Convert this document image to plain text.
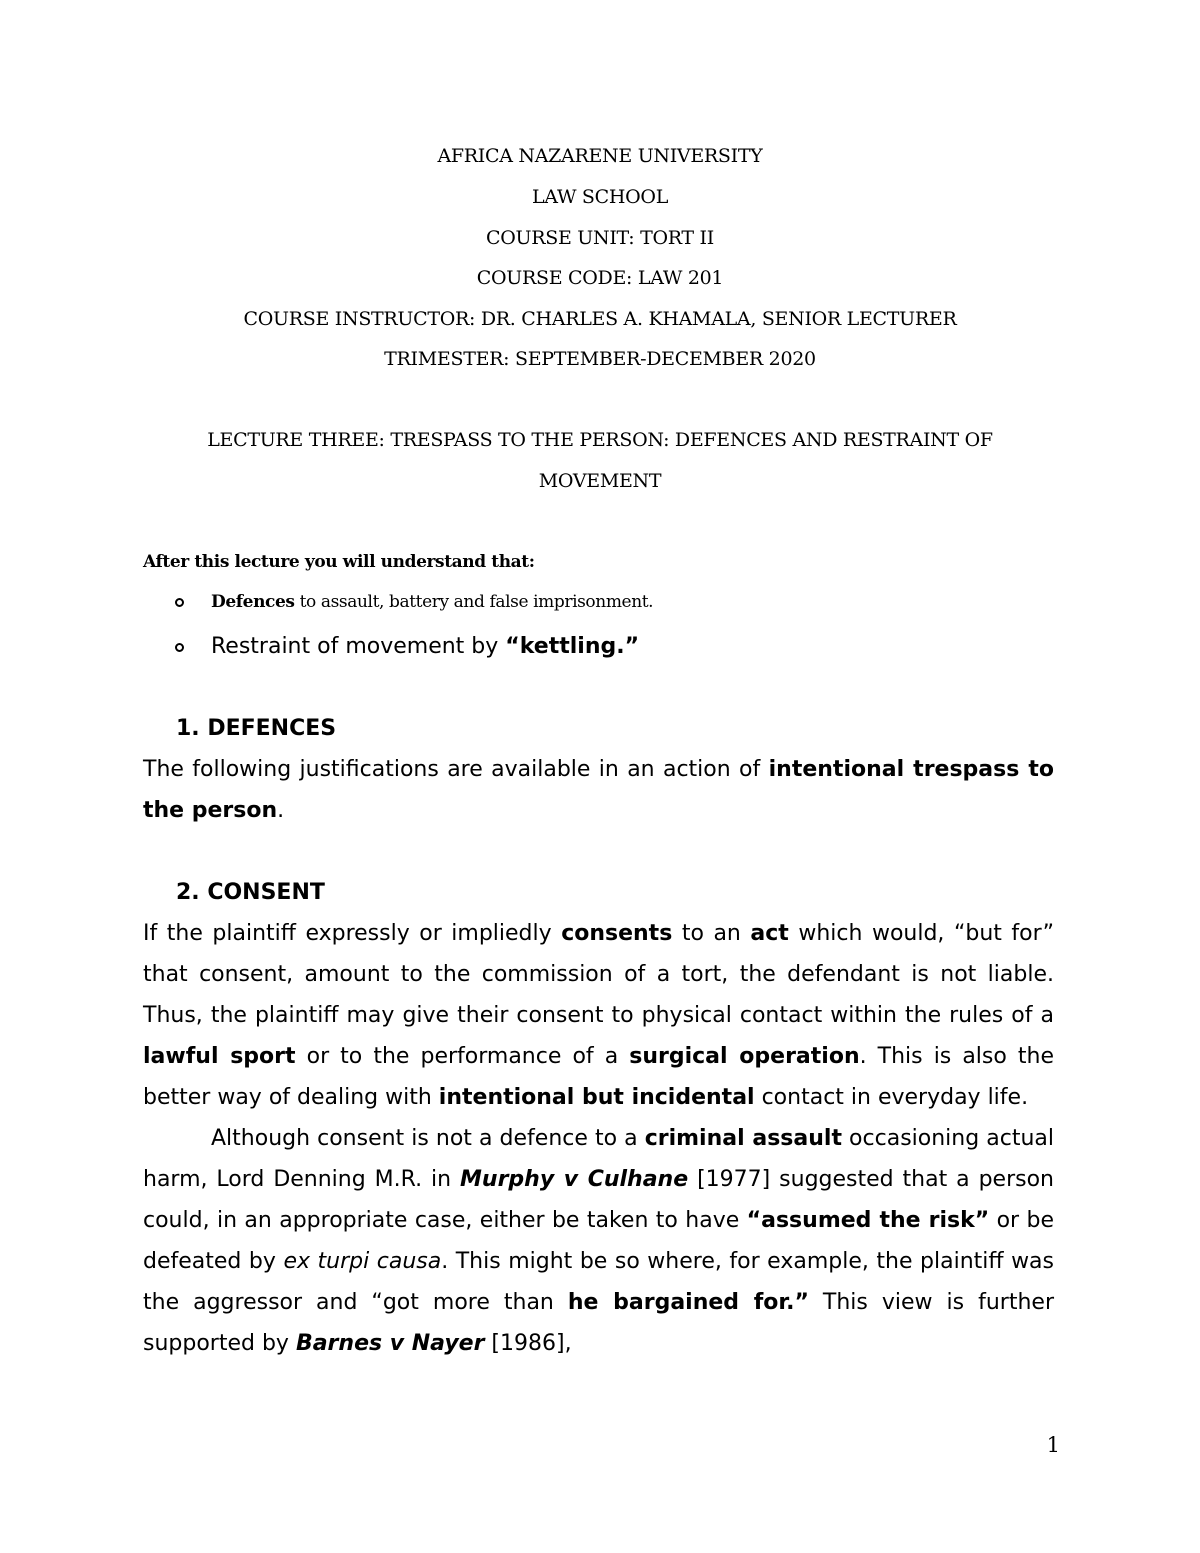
AFRICA NAZARENE UNIVERSITY
LAW SCHOOL
COURSE UNIT: TORT II
COURSE CODE: LAW 201
COURSE INSTRUCTOR: DR. CHARLES A. KHAMALA, SENIOR LECTURER
TRIMESTER: SEPTEMBER-DECEMBER 2020
LECTURE THREE: TRESPASS TO THE PERSON: DEFENCES AND RESTRAINT OF
MOVEMENT
After this lecture you will understand that:
Defences to assault, battery and false imprisonment.
Restraint of movement by “kettling.”
1. DEFENCES

The following justifications are available in an action of intentional trespass to the person.

2. CONSENT

If the plaintiff expressly or impliedly consents to an act which would, “but for” that consent, amount to the commission of a tort, the defendant is not liable. Thus, the plaintiff may give their consent to physical contact within the rules of a lawful sport or to the performance of a surgical operation. This is also the better way of dealing with intentional but incidental contact in everyday life.

Although consent is not a defence to a criminal assault occasioning actual harm, Lord Denning M.R. in Murphy v Culhane [1977] suggested that a person could, in an appropriate case, either be taken to have “assumed the risk” or be defeated by ex turpi causa. This might be so where, for example, the plaintiff was the aggressor and “got more than he bargained for.” This view is further supported by Barnes v Nayer [1986],

1
